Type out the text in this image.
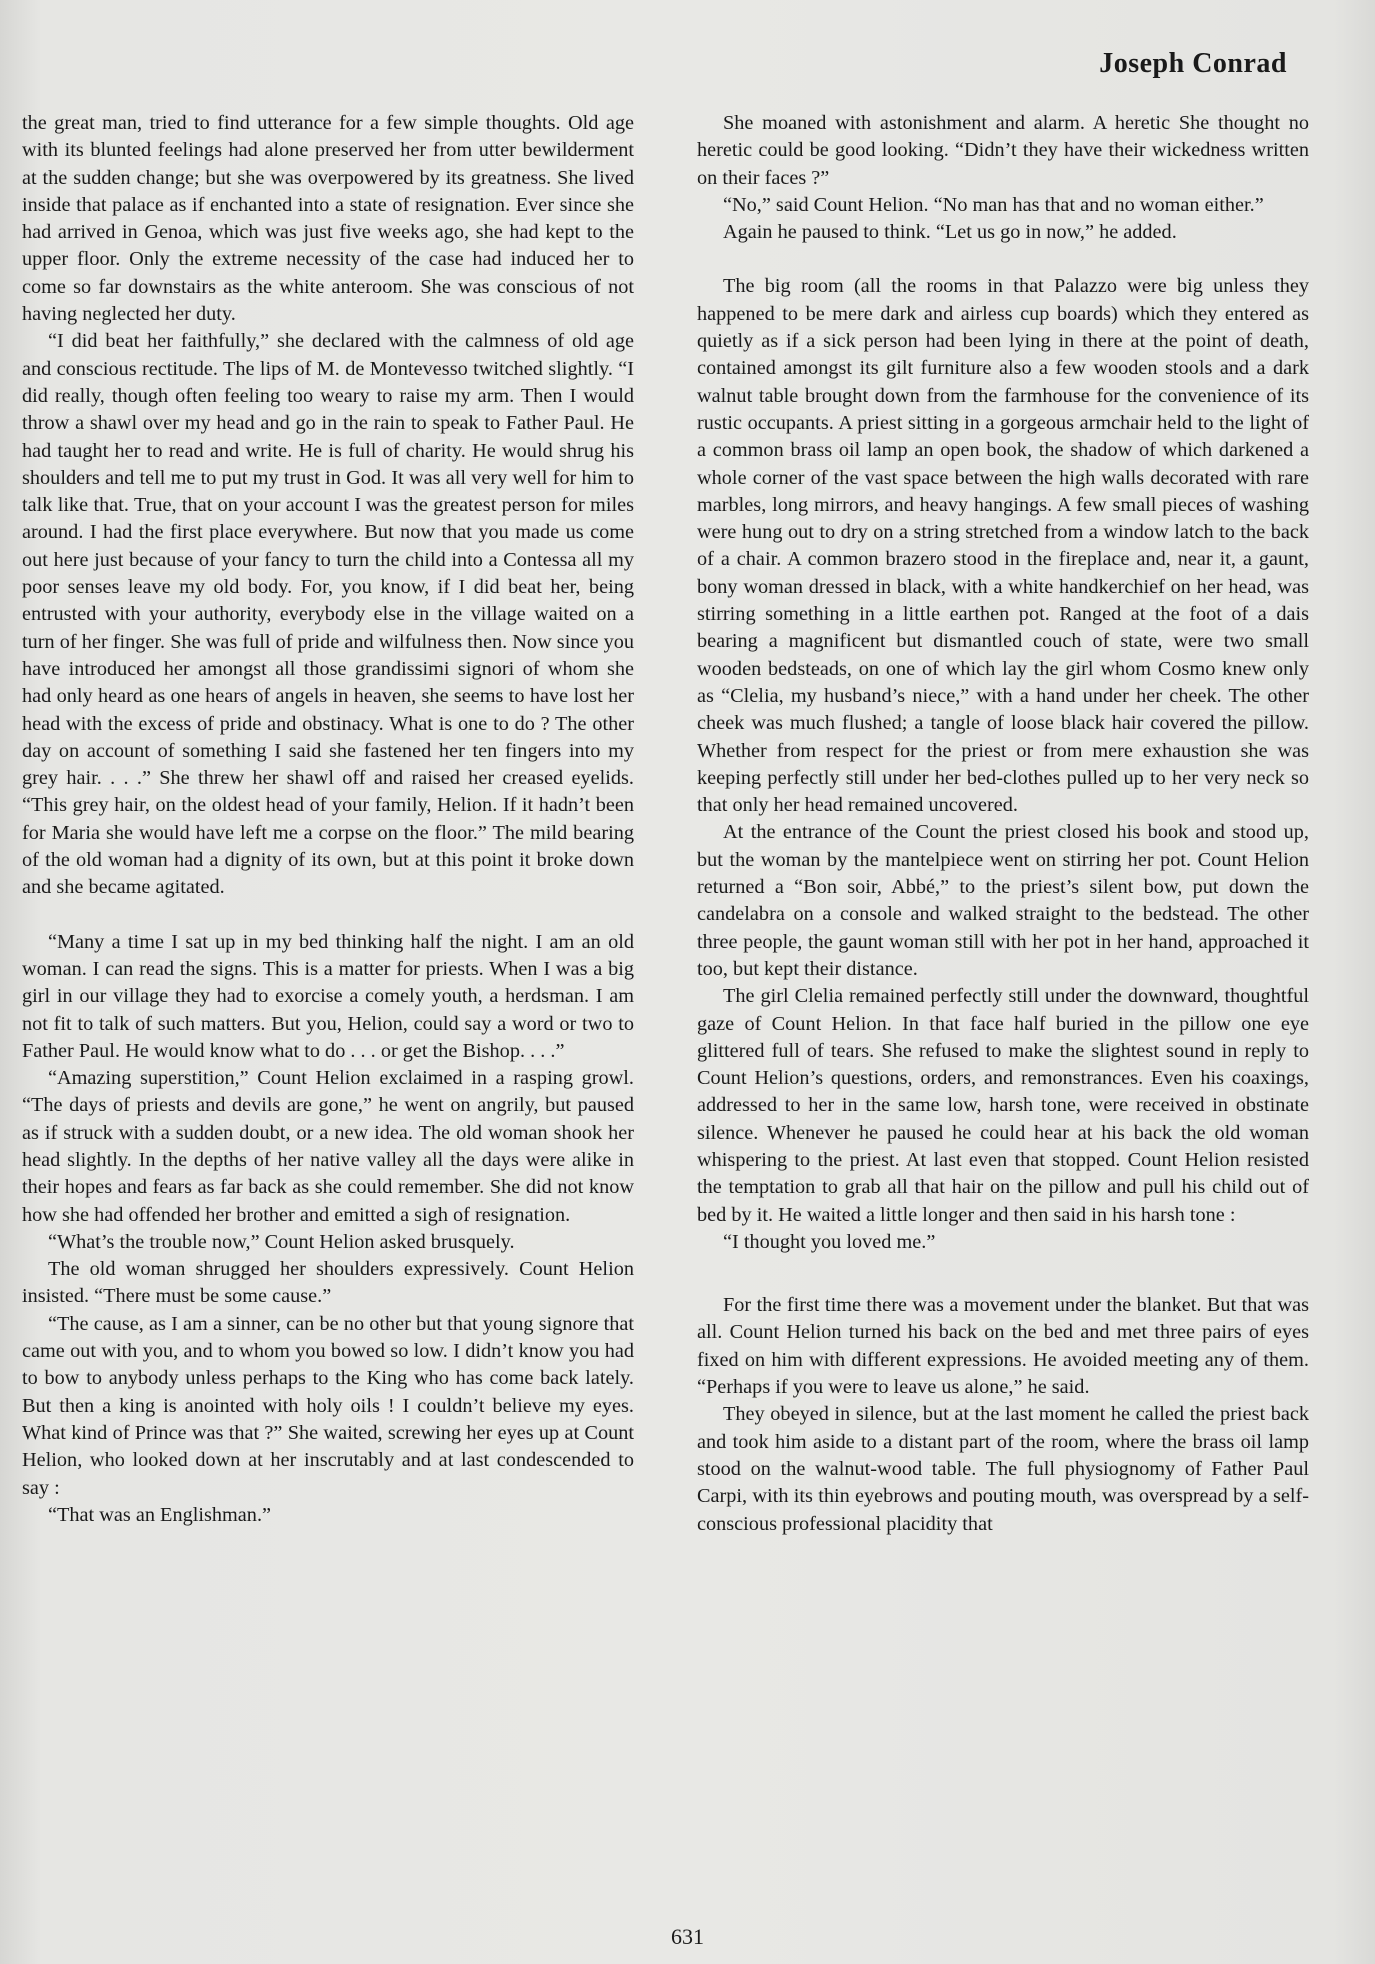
Joseph Conrad

the great man, tried to find utterance for a few simple thoughts. Old age with its blunted feelings had alone preserved her from utter bewilderment at the sudden change; but she was overpowered by its greatness. She lived inside that palace as if enchanted into a state of resignation. Ever since she had arrived in Genoa, which was just five weeks ago, she had kept to the upper floor. Only the extreme necessity of the case had induced her to come so far downstairs as the white anteroom. She was conscious of not having neglected her duty.

“I did beat her faithfully,” she declared with the calmness of old age and conscious rectitude. The lips of M. de Montevesso twitched slightly. “I did really, though often feeling too weary to raise my arm. Then I would throw a shawl over my head and go in the rain to speak to Father Paul. He had taught her to read and write. He is full of charity. He would shrug his shoulders and tell me to put my trust in God. It was all very well for him to talk like that. True, that on your account I was the greatest person for miles around. I had the first place everywhere. But now that you made us come out here just because of your fancy to turn the child into a Contessa all my poor senses leave my old body. For, you know, if I did beat her, being entrusted with your authority, everybody else in the village waited on a turn of her finger. She was full of pride and wilfulness then. Now since you have introduced her amongst all those grandissimi signori of whom she had only heard as one hears of angels in heaven, she seems to have lost her head with the excess of pride and obstinacy. What is one to do ? The other day on account of something I said she fastened her ten fingers into my grey hair. . . .” She threw her shawl off and raised her creased eyelids. “This grey hair, on the oldest head of your family, Helion. If it hadn’t been for Maria she would have left me a corpse on the floor.” The mild bearing of the old woman had a dignity of its own, but at this point it broke down and she became agitated.

“Many a time I sat up in my bed thinking half the night. I am an old woman. I can read the signs. This is a matter for priests. When I was a big girl in our village they had to exorcise a comely youth, a herdsman. I am not fit to talk of such matters. But you, Helion, could say a word or two to Father Paul. He would know what to do . . . or get the Bishop. . . .”

“Amazing superstition,” Count Helion exclaimed in a rasping growl. “The days of priests and devils are gone,” he went on angrily, but paused as if struck with a sudden doubt, or a new idea. The old woman shook her head slightly. In the depths of her native valley all the days were alike in their hopes and fears as far back as she could remember. She did not know how she had offended her brother and emitted a sigh of resignation.

“What’s the trouble now,” Count Helion asked brusquely.

The old woman shrugged her shoulders expressively. Count Helion insisted. “There must be some cause.”

“The cause, as I am a sinner, can be no other but that young signore that came out with you, and to whom you bowed so low. I didn’t know you had to bow to anybody unless perhaps to the King who has come back lately. But then a king is anointed with holy oils ! I couldn’t believe my eyes. What kind of Prince was that ?” She waited, screwing her eyes up at Count Helion, who looked down at her inscrutably and at last condescended to say :

“That was an Englishman.”

She moaned with astonishment and alarm. A heretic She thought no heretic could be good looking. “Didn’t they have their wickedness written on their faces ?”

“No,” said Count Helion. “No man has that and no woman either.”

Again he paused to think. “Let us go in now,” he added.

The big room (all the rooms in that Palazzo were big unless they happened to be mere dark and airless cup boards) which they entered as quietly as if a sick person had been lying in there at the point of death, contained amongst its gilt furniture also a few wooden stools and a dark walnut table brought down from the farmhouse for the convenience of its rustic occupants. A priest sitting in a gorgeous armchair held to the light of a common brass oil lamp an open book, the shadow of which darkened a whole corner of the vast space between the high walls decorated with rare marbles, long mirrors, and heavy hangings. A few small pieces of washing were hung out to dry on a string stretched from a window latch to the back of a chair. A common brazero stood in the fireplace and, near it, a gaunt, bony woman dressed in black, with a white handkerchief on her head, was stirring something in a little earthen pot. Ranged at the foot of a dais bearing a magnificent but dismantled couch of state, were two small wooden bedsteads, on one of which lay the girl whom Cosmo knew only as “Clelia, my husband’s niece,” with a hand under her cheek. The other cheek was much flushed; a tangle of loose black hair covered the pillow. Whether from respect for the priest or from mere exhaustion she was keeping perfectly still under her bed-clothes pulled up to her very neck so that only her head remained uncovered.

At the entrance of the Count the priest closed his book and stood up, but the woman by the mantelpiece went on stirring her pot. Count Helion returned a “Bon soir, Abbé,” to the priest’s silent bow, put down the candelabra on a console and walked straight to the bedstead. The other three people, the gaunt woman still with her pot in her hand, approached it too, but kept their distance.

The girl Clelia remained perfectly still under the downward, thoughtful gaze of Count Helion. In that face half buried in the pillow one eye glittered full of tears. She refused to make the slightest sound in reply to Count Helion’s questions, orders, and remonstrances. Even his coaxings, addressed to her in the same low, harsh tone, were received in obstinate silence. Whenever he paused he could hear at his back the old woman whispering to the priest. At last even that stopped. Count Helion resisted the temptation to grab all that hair on the pillow and pull his child out of bed by it. He waited a little longer and then said in his harsh tone :

“I thought you loved me.”

For the first time there was a movement under the blanket. But that was all. Count Helion turned his back on the bed and met three pairs of eyes fixed on him with different expressions. He avoided meeting any of them. “Perhaps if you were to leave us alone,” he said.

They obeyed in silence, but at the last moment he called the priest back and took him aside to a distant part of the room, where the brass oil lamp stood on the walnut-wood table. The full physiognomy of Father Paul Carpi, with its thin eyebrows and pouting mouth, was overspread by a self-conscious professional placidity that

631
